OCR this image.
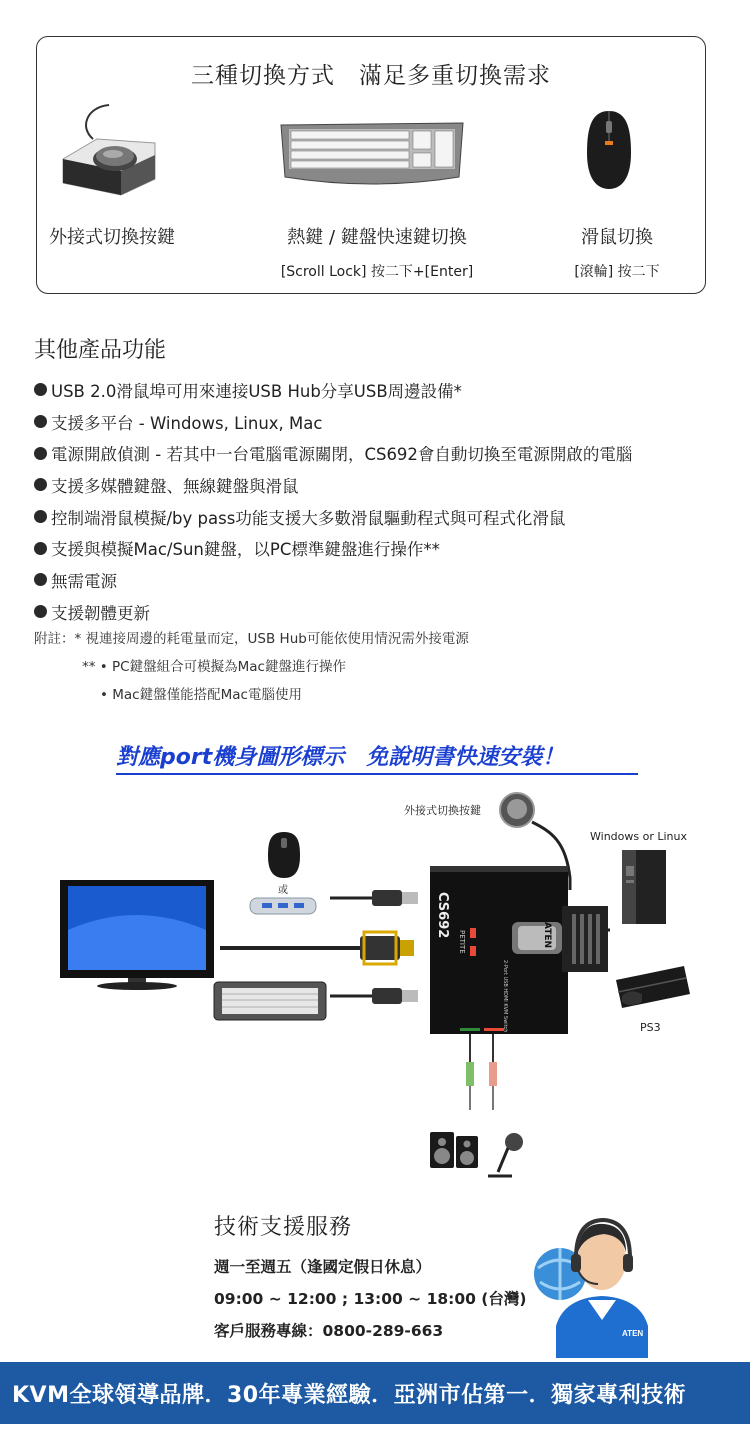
三種切換方式　滿足多重切換需求
外接式切換按鍵	熱鍵 / 鍵盤快速鍵切換
[Scroll Lock] 按二下+[Enter]
滑鼠切換
[滾輪] 按二下
其他產品功能
USB 2.0滑鼠埠可用來連接USB Hub分享USB周邊設備*
支援多平台 - Windows, Linux, Mac
電源開啟偵測 - 若其中一台電腦電源關閉，CS692會自動切換至電源開啟的電腦
支援多媒體鍵盤、無線鍵盤與滑鼠
控制端滑鼠模擬/by pass功能支援大多數滑鼠驅動程式與可程式化滑鼠
支援與模擬Mac/Sun鍵盤，以PC標準鍵盤進行操作**
無需電源
支援韌體更新
附註：* 視連接周邊的耗電量而定，USB Hub可能依使用情況需外接電源
** • PC鍵盤組合可模擬為Mac鍵盤進行操作
• Mac鍵盤僅能搭配Mac電腦使用
對應port機身圖形標示　免說明書快速安裝！
外接式切換按鍵
Windows or Linux
或
PS3
CS692
PETITE
2-Port USB HDMI KVM Switch
ATEN
技術支援服務
週一至週五（逢國定假日休息）
09:00 ~ 12:00 ; 13:00 ~ 18:00 (台灣)
客戶服務專線：0800-289-663	ATEN
KVM全球領導品牌．30年專業經驗．亞洲市佔第一．獨家專利技術
